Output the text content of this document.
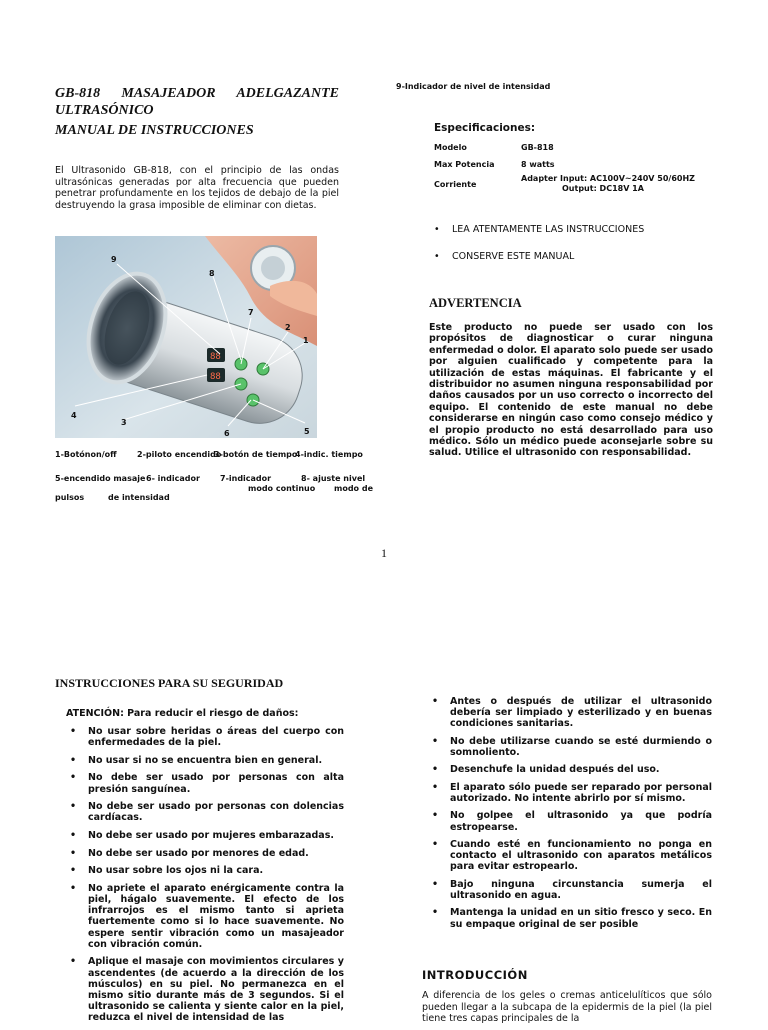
GB-818 MASAJEADOR ADELGAZANTE
ULTRASÓNICO
MANUAL DE INSTRUCCIONES
El Ultrasonido GB-818, con el principio de las ondas ultrasónicas generadas por alta frecuencia que pueden penetrar profundamente en los tejidos de debajo de la piel destruyendo la grasa imposible de eliminar con dietas.
88
88
9
8
7
2
1
4
3
6	5
1-Botónon/off	2-piloto encendido
3-botón de tiempo
4-indic. tiempo
5-encendido masaje 6- indicador	7-indicador	8- ajuste nivel
modo continuo modo de
pulsos	de intensidad
9-Indicador de nivel de intensidad
Especificaciones:
Modelo	GB-818
Max Potencia	8 watts
Corriente
Adapter Input: AC100V~240V 50/60HZ
Output: DC18V 1A
• LEA ATENTAMENTE LAS INSTRUCCIONES
• CONSERVE ESTE MANUAL
ADVERTENCIA
Este producto no puede ser usado con los propósitos de diagnosticar o curar ninguna enfermedad o dolor. El aparato solo puede ser usado por alguien cualificado y competente para la utilización de estas máquinas. El fabricante y el distribuidor no asumen ninguna responsabilidad por daños causados por un uso correcto o incorrecto del equipo. El contenido de este manual no debe considerarse en ningún caso como consejo médico y el propio producto no está desarrollado para uso médico. Sólo un médico puede aconsejarle sobre su salud. Utilice el ultrasonido con responsabilidad.
1
INSTRUCCIONES PARA SU SEGURIDAD
ATENCIÓN: Para reducir el riesgo de daños:
• No usar sobre heridas o áreas del cuerpo con enfermedades de la piel.
• No usar si no se encuentra bien en general.
• No debe ser usado por personas con alta presión sanguínea.
• No debe ser usado por personas con dolencias cardíacas.
• No debe ser usado por mujeres embarazadas.
• No debe ser usado por menores de edad.
• No usar sobre los ojos ni la cara.
• No apriete el aparato enérgicamente contra la piel, hágalo suavemente. El efecto de los infrarrojos es el mismo tanto si aprieta fuertemente como si lo hace suavemente. No espere sentir vibración como un masajeador con vibración común.
• Aplique el masaje con movimientos circulares y ascendentes (de acuerdo a la dirección de los músculos) en su piel. No permanezca en el mismo sitio durante más de 3 segundos. Si el ultrasonido se calienta y siente calor en la piel, reduzca el nivel de intensidad de las
• Antes o después de utilizar el ultrasonido debería ser limpiado y esterilizado y en buenas condiciones sanitarias.
• No debe utilizarse cuando se esté durmiendo o somnoliento.
• Desenchufe la unidad después del uso.
• El aparato sólo puede ser reparado por personal autorizado. No intente abrirlo por sí mismo.
• No golpee el ultrasonido ya que podría estropearse.
• Cuando esté en funcionamiento no ponga en contacto el ultrasonido con aparatos metálicos para evitar estropearlo.
• Bajo ninguna circunstancia sumerja el ultrasonido en agua.
• Mantenga la unidad en un sitio fresco y seco. En su empaque original de ser posible
INTRODUCCIÓN
A diferencia de los geles o cremas anticelulíticos que sólo pueden llegar a la subcapa de la epidermis de la piel (la piel tiene tres capas principales de la
